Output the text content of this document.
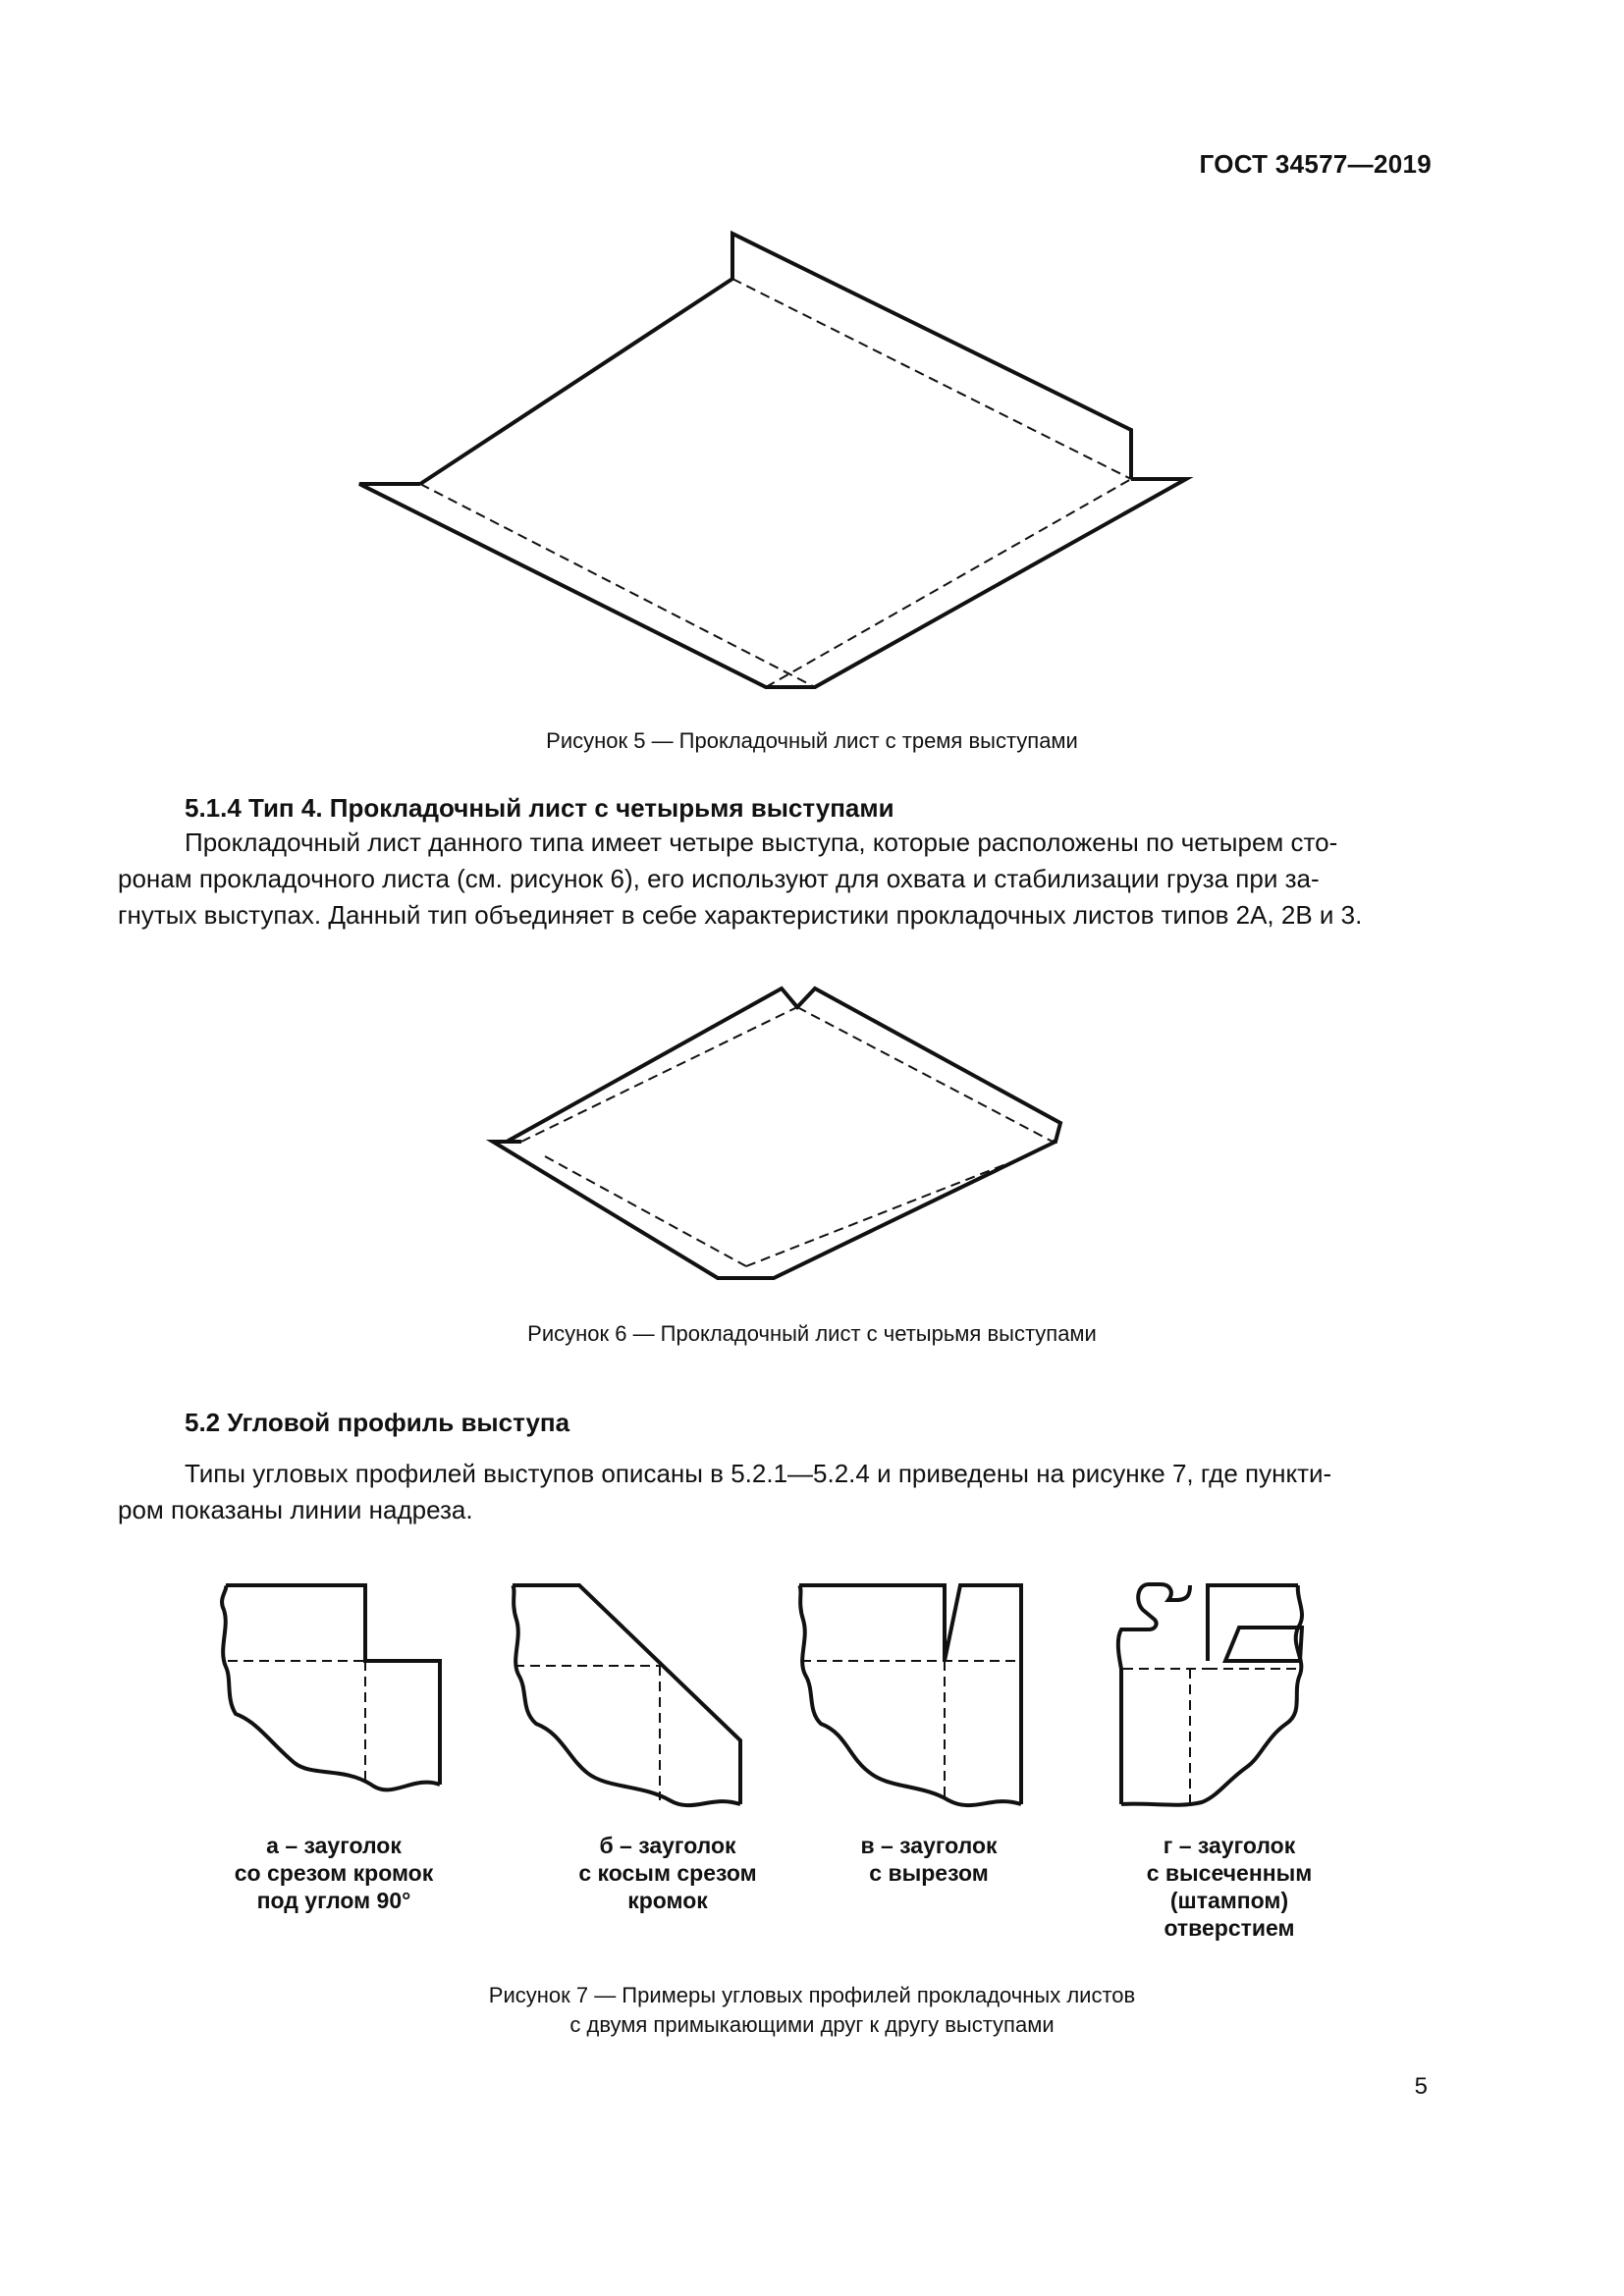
ГОСТ 34577—2019
Рисунок 5 — Прокладочный лист с тремя выступами
5.1.4 Тип 4. Прокладочный лист с четырьмя выступами

Прокладочный лист данного типа имеет четыре выступа, которые расположены по четырем сто-

ронам прокладочного листа (см. рисунок 6), его используют для охвата и стабилизации груза при за-

гнутых выступах. Данный тип объединяет в себе характеристики прокладочных листов типов 2А, 2В и 3.

Рисунок 6 — Прокладочный лист с четырьмя выступами
5.2 Угловой профиль выступа

Типы угловых профилей выступов описаны в 5.2.1—5.2.4 и приведены на рисунке 7, где пункти-

ром показаны линии надреза.

а – зауголок
со срезом кромок
под углом 90°
б – зауголок
с косым срезом
кромок
в – зауголок
с вырезом
г – зауголок
с высеченным
(штампом)
отверстием
Рисунок 7 — Примеры угловых профилей прокладочных листов
с двумя примыкающими друг к другу выступами
5
